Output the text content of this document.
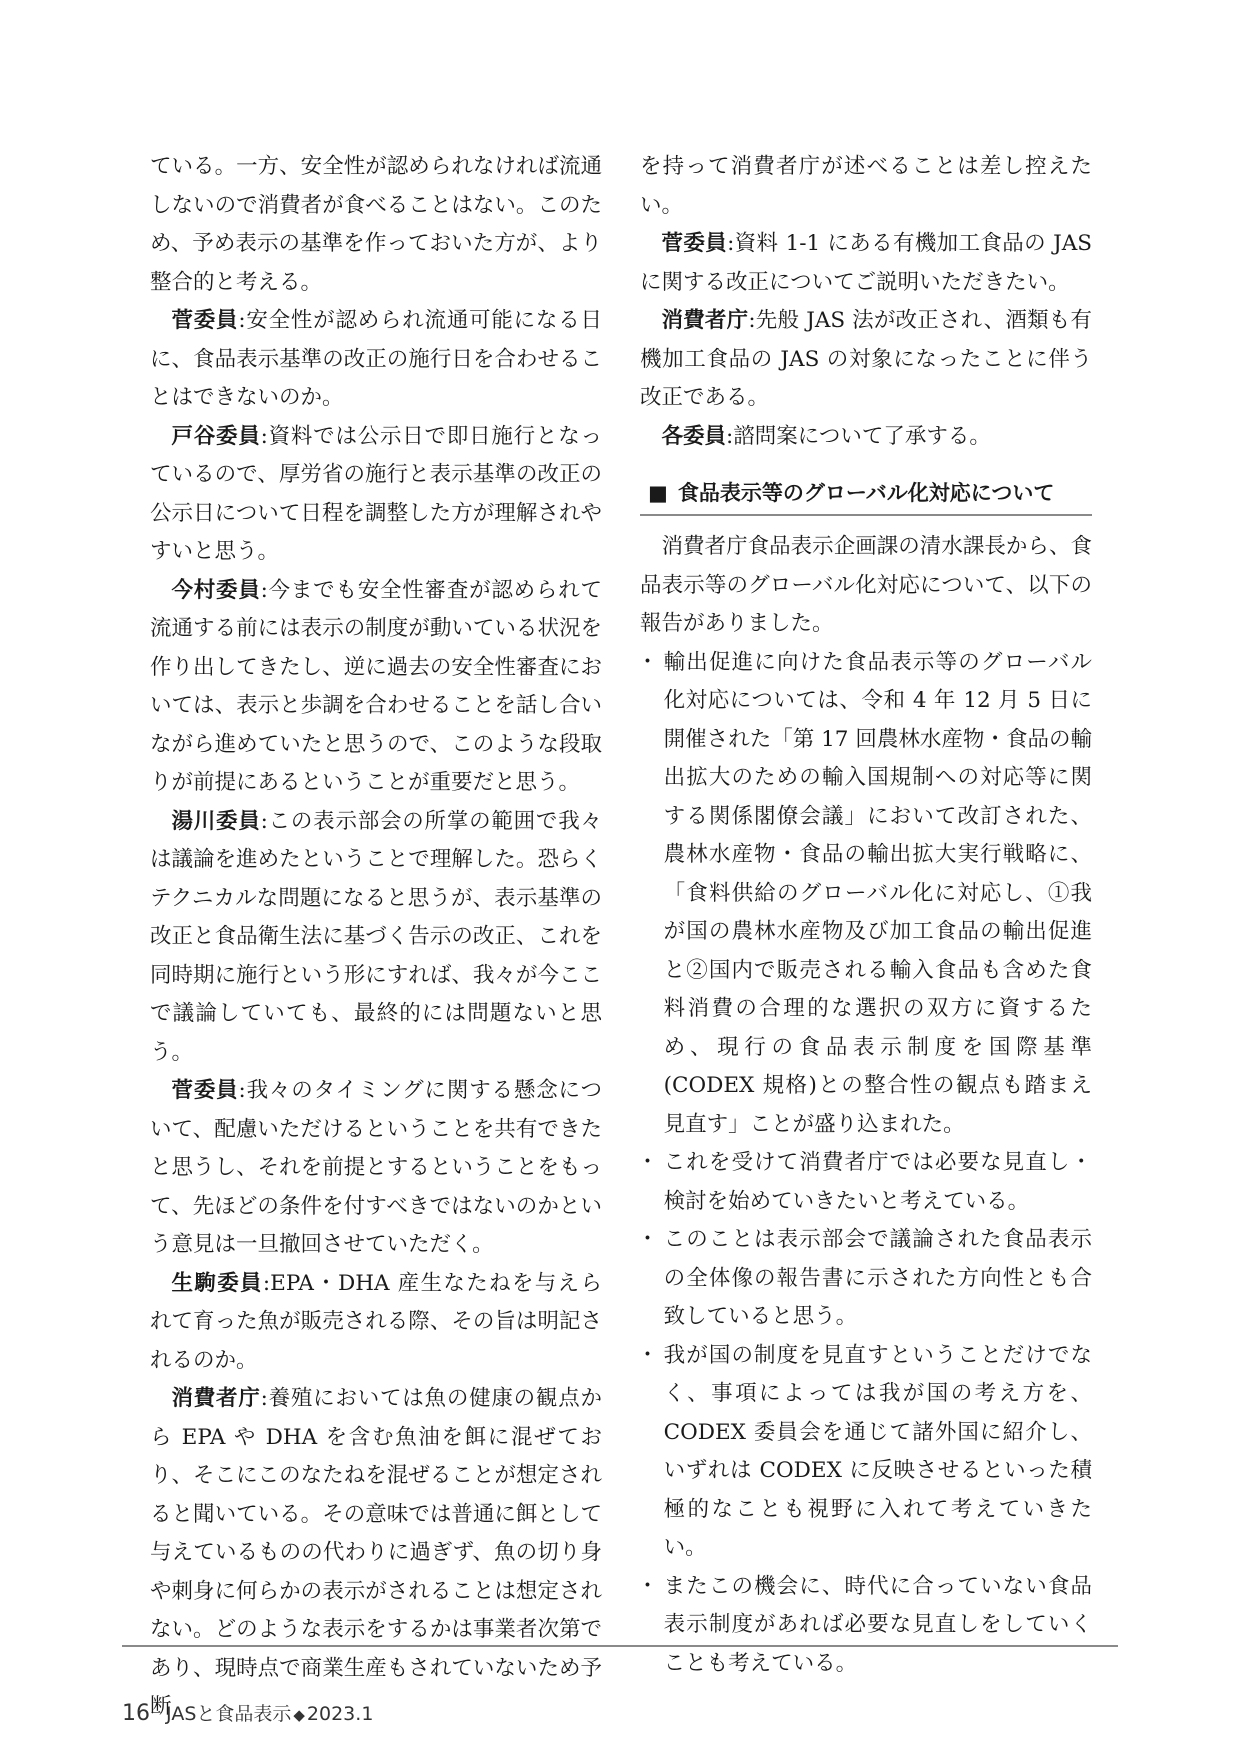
ている。一方、安全性が認められなければ流通しないので消費者が食べることはない。このため、予め表示の基準を作っておいた方が、より整合的と考える。

菅委員:安全性が認められ流通可能になる日に、食品表示基準の改正の施行日を合わせることはできないのか。

戸谷委員:資料では公示日で即日施行となっているので、厚労省の施行と表示基準の改正の公示日について日程を調整した方が理解されやすいと思う。

今村委員:今までも安全性審査が認められて流通する前には表示の制度が動いている状況を作り出してきたし、逆に過去の安全性審査においては、表示と歩調を合わせることを話し合いながら進めていたと思うので、このような段取りが前提にあるということが重要だと思う。

湯川委員:この表示部会の所掌の範囲で我々は議論を進めたということで理解した。恐らくテクニカルな問題になると思うが、表示基準の改正と食品衛生法に基づく告示の改正、これを同時期に施行という形にすれば、我々が今ここで議論していても、最終的には問題ないと思う。

菅委員:我々のタイミングに関する懸念について、配慮いただけるということを共有できたと思うし、それを前提とするということをもって、先ほどの条件を付すべきではないのかという意見は一旦撤回させていただく。

生駒委員:EPA・DHA 産生なたねを与えられて育った魚が販売される際、その旨は明記されるのか。

消費者庁:養殖においては魚の健康の観点から EPA や DHA を含む魚油を餌に混ぜており、そこにこのなたねを混ぜることが想定されると聞いている。その意味では普通に餌として与えているものの代わりに過ぎず、魚の切り身や刺身に何らかの表示がされることは想定されない。どのような表示をするかは事業者次第であり、現時点で商業生産もされていないため予断

を持って消費者庁が述べることは差し控えたい。

菅委員:資料 1-1 にある有機加工食品の JAS に関する改正についてご説明いただきたい。

消費者庁:先般 JAS 法が改正され、酒類も有機加工食品の JAS の対象になったことに伴う改正である。

各委員:諮問案について了承する。

■ 食品表示等のグローバル化対応について

消費者庁食品表示企画課の清水課長から、食品表示等のグローバル化対応について、以下の報告がありました。

・ 輸出促進に向けた食品表示等のグローバル化対応については、令和 4 年 12 月 5 日に開催された「第 17 回農林水産物・食品の輸出拡大のための輸入国規制への対応等に関する関係閣僚会議」において改訂された、農林水産物・食品の輸出拡大実行戦略に、「食料供給のグローバル化に対応し、①我が国の農林水産物及び加工食品の輸出促進と②国内で販売される輸入食品も含めた食料消費の合理的な選択の双方に資するため、現行の食品表示制度を国際基準(CODEX 規格)との整合性の観点も踏まえ見直す」ことが盛り込まれた。
・ これを受けて消費者庁では必要な見直し・検討を始めていきたいと考えている。
・ このことは表示部会で議論された食品表示の全体像の報告書に示された方向性とも合致していると思う。
・ 我が国の制度を見直すということだけでなく、事項によっては我が国の考え方を、CODEX 委員会を通じて諸外国に紹介し、いずれは CODEX に反映させるといった積極的なことも視野に入れて考えていきたい。
・ またこの機会に、時代に合っていない食品表示制度があれば必要な見直しをしていくことも考えている。
16 JASと食品表示 ◆ 2023.1
